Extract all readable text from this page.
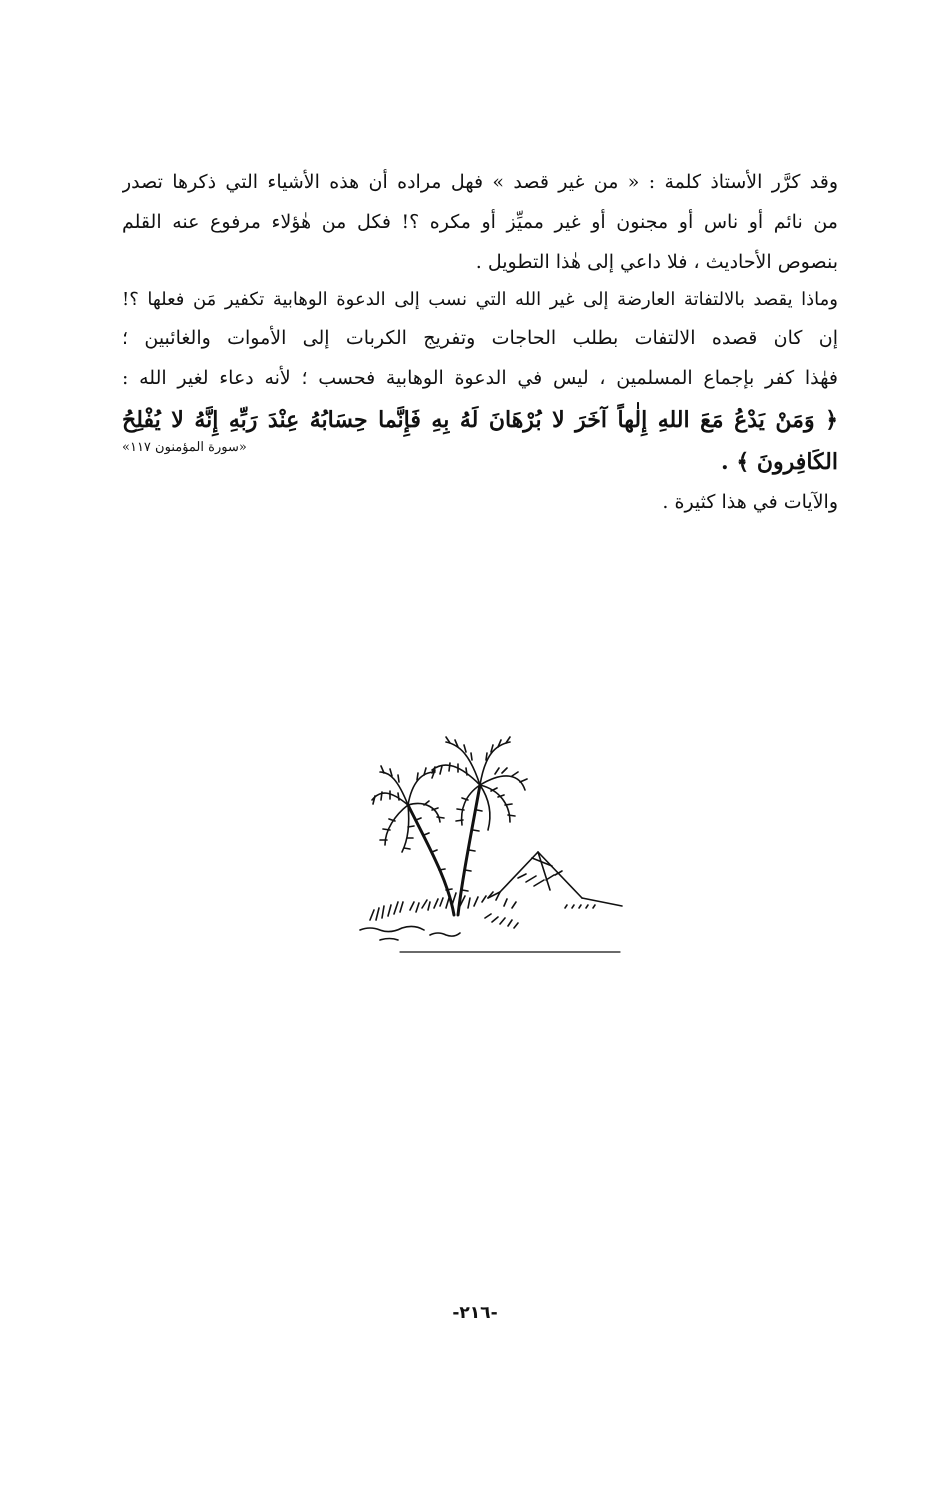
وقد كرَّر الأستاذ كلمة : « من غير قصد » فهل مراده أن هذه الأشياء التي ذكرها تصدر
من نائم أو ناس أو مجنون أو غير مميِّز أو مكره ؟! فكل من هٰؤلاء مرفوع عنه القلم
بنصوص الأحاديث ، فلا داعي إلى هٰذا التطويل .
وماذا يقصد بالالتفاتة العارضة إلى غير الله التي نسب إلى الدعوة الوهابية تكفير مَن فعلها ؟!
إن كان قصده الالتفات بطلب الحاجات وتفريج الكربات إلى الأموات والغائبين ؛
فهٰذا كفر بإجماع المسلمين ، ليس في الدعوة الوهابية فحسب ؛ لأنه دعاء لغير الله :
﴿ وَمَنْ يَدْعُ مَعَ اللهِ إِلٰهاً آخَرَ لا بُرْهَانَ لَهُ بِهِ فَإِنَّما حِسَابُهُ عِنْدَ رَبِّهِ إِنَّهُ لا يُفْلِحُ
الكَافِرونَ ﴾ .
«سورة المؤمنون ١١٧»
والآيات في هذا كثيرة .
-٢١٦-
